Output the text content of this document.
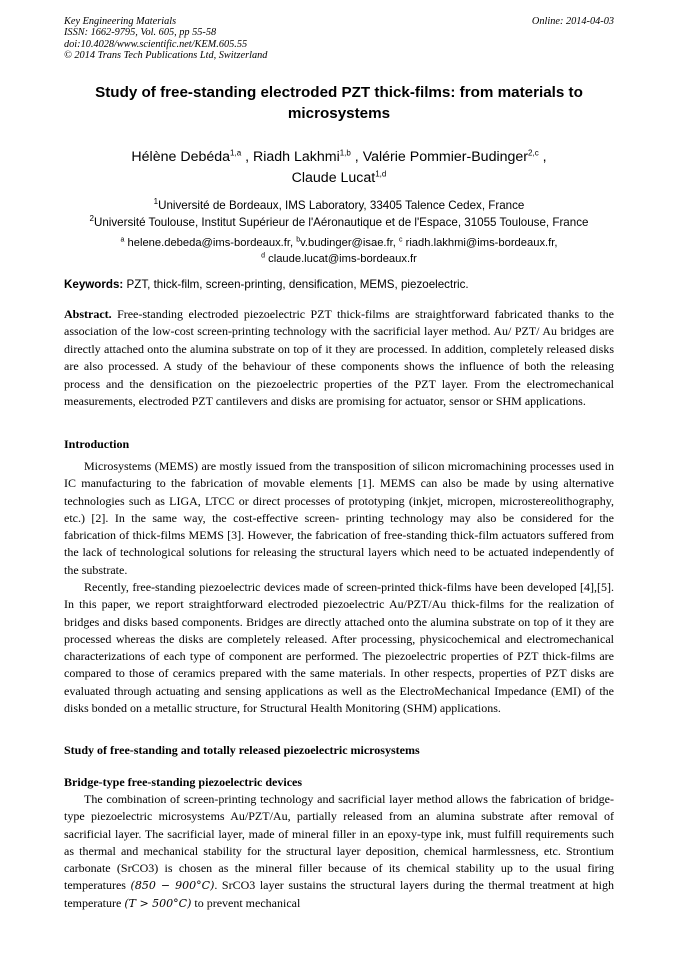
Key Engineering Materials
ISSN: 1662-9795, Vol. 605, pp 55-58
doi:10.4028/www.scientific.net/KEM.605.55
© 2014 Trans Tech Publications Ltd, Switzerland
Online: 2014-04-03
Study of free-standing electroded PZT thick-films: from materials to microsystems
Hélène Debéda$^{1,a}$ , Riadh Lakhmi$^{1,b}$ , Valérie Pommier-Budinger$^{2,c}$ ,
Claude Lucat$^{1,d}$
$^1$Université de Bordeaux, IMS Laboratory, 33405 Talence Cedex, France
$^2$Université Toulouse, Institut Supérieur de l'Aéronautique et de l'Espace, 31055 Toulouse, France
$^a$ helene.debeda@ims-bordeaux.fr, $^b$v.budinger@isae.fr, $^c$ riadh.lakhmi@ims-bordeaux.fr,
$^d$ claude.lucat@ims-bordeaux.fr
Keywords: PZT, thick-film, screen-printing, densification, MEMS, piezoelectric.
Abstract. Free-standing electroded piezoelectric PZT thick-films are straightforward fabricated thanks to the association of the low-cost screen-printing technology with the sacrificial layer method. Au/ PZT/ Au bridges are directly attached onto the alumina substrate on top of it they are processed. In addition, completely released disks are also processed. A study of the behaviour of these components shows the influence of both the releasing process and the densification on the piezoelectric properties of the PZT layer. From the electromechanical measurements, electroded PZT cantilevers and disks are promising for actuator, sensor or SHM applications.
Introduction

Microsystems (MEMS) are mostly issued from the transposition of silicon micromachining processes used in IC manufacturing to the fabrication of movable elements [1]. MEMS can also be made by using alternative technologies such as LIGA, LTCC or direct processes of prototyping (inkjet, micropen, microstereolithography, etc.) [2]. In the same way, the cost-effective screen- printing technology may also be considered for the fabrication of thick-films MEMS [3]. However, the fabrication of free-standing thick-film actuators suffered from the lack of technological solutions for releasing the structural layers which need to be actuated independently of the substrate.

Recently, free-standing piezoelectric devices made of screen-printed thick-films have been developed [4],[5]. In this paper, we report straightforward electroded piezoelectric Au/PZT/Au thick-films for the realization of bridges and disks based components. Bridges are directly attached onto the alumina substrate on top of it they are processed whereas the disks are completely released. After processing, physicochemical and electromechanical characterizations of each type of component are performed. The piezoelectric properties of PZT thick-films are compared to those of ceramics prepared with the same materials. In other respects, properties of PZT disks are evaluated through actuating and sensing applications as well as the ElectroMechanical Impedance (EMI) of the disks bonded on a metallic structure, for Structural Health Monitoring (SHM) applications.

Study of free-standing and totally released piezoelectric microsystems
Bridge-type free-standing piezoelectric devices

The combination of screen-printing technology and sacrificial layer method allows the fabrication of bridge-type piezoelectric microsystems Au/PZT/Au, partially released from an alumina substrate after removal of sacrificial layer. The sacrificial layer, made of mineral filler in an epoxy-type ink, must fulfill requirements such as thermal and mechanical stability for the structural layer deposition, chemical harmlessness, etc. Strontium carbonate (SrCO3) is chosen as the mineral filler because of its chemical stability up to the usual firing temperatures (850 − 900°C). SrCO3 layer sustains the structural layers during the thermal treatment at high temperature (T > 500°C) to prevent mechanical
